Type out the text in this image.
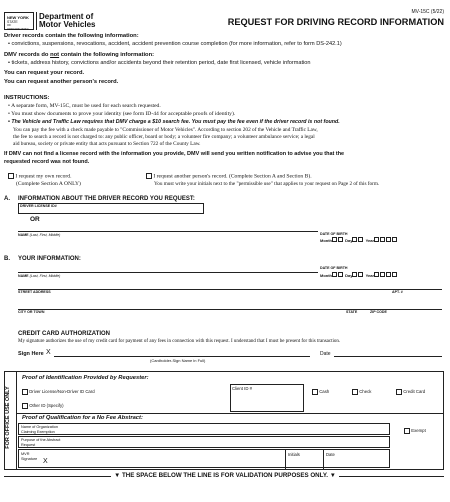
NEW YORK
STATE
OF OPPORTUNITY.
Department of
Motor Vehicles
MV-15C (5/22)
REQUEST FOR DRIVING RECORD INFORMATION
Driver records contain the following information:
• convictions, suspensions, revocations, accident, accident prevention course completion (for more information, refer to form DS-242.1)
DMV records do not contain the following information:
• tickets, address history, convictions and/or accidents beyond their retention period, date first licensed, vehicle information
You can request your record.
You can request another person's record.
INSTRUCTIONS:
• A separate form, MV-15C, must be used for each search requested.
• You must show documents to prove your identity (see form ID-44 for acceptable proofs of identity).
• The Vehicle and Traffic Law requires that DMV charge a $10 search fee. You must pay the fee even if the driver record is not found.
You can pay the fee with a check made payable to "Commissioner of Motor Vehicles". According to section 202 of the Vehicle and Traffic Law,
the fee to search a record is not charged to: any public officer, board or body; a volunteer fire company; a volunteer ambulance service; a legal
aid bureau, society or private entity that acts pursuant to Section 722 of the County Law.
If DMV can not find a license record with the information you provide, DMV will send you written notification to advise you that the
requested record was not found.
I request my own record.
(Complete Section A ONLY)
I request another person's record. (Complete Section A and Section B).
You must write your initials next to the "permissible use" that applies to your request on Page 2 of this form.
A. INFORMATION ABOUT THE DRIVER RECORD YOU REQUEST:
DRIVER LICENSE ID#
OR
NAME (Last, First, Middle)	DATE OF BIRTH
Month	Day	Year
B. YOUR INFORMATION:
NAME (Last, First, Middle)
DATE OF BIRTH
Month	Day	Year
STREET ADDRESS	APT. #
CITY OR TOWN	STATE	ZIP CODE
CREDIT CARD AUTHORIZATION
My signature authorizes the use of my credit card for payment of any fees in connection with this request. I understand that I must be present for this transaction.
Sign Here X
(Cardholder-Sign Name in Full)
Date
FOR OFFICE USE ONLY
Proof of Identification Provided by Requester:
Client ID #
Driver License/Non-Driver ID Card
Other ID (Specify)
Cash	Check	Credit Card
Proof of Qualification for a No Fee Abstract:
Name of Organization Claiming Exemption
Purpose of the Abstract Request
Exempt
MVR Signature X
Initials	Date
▼ THE SPACE BELOW THE LINE IS FOR VALIDATION PURPOSES ONLY. ▼
